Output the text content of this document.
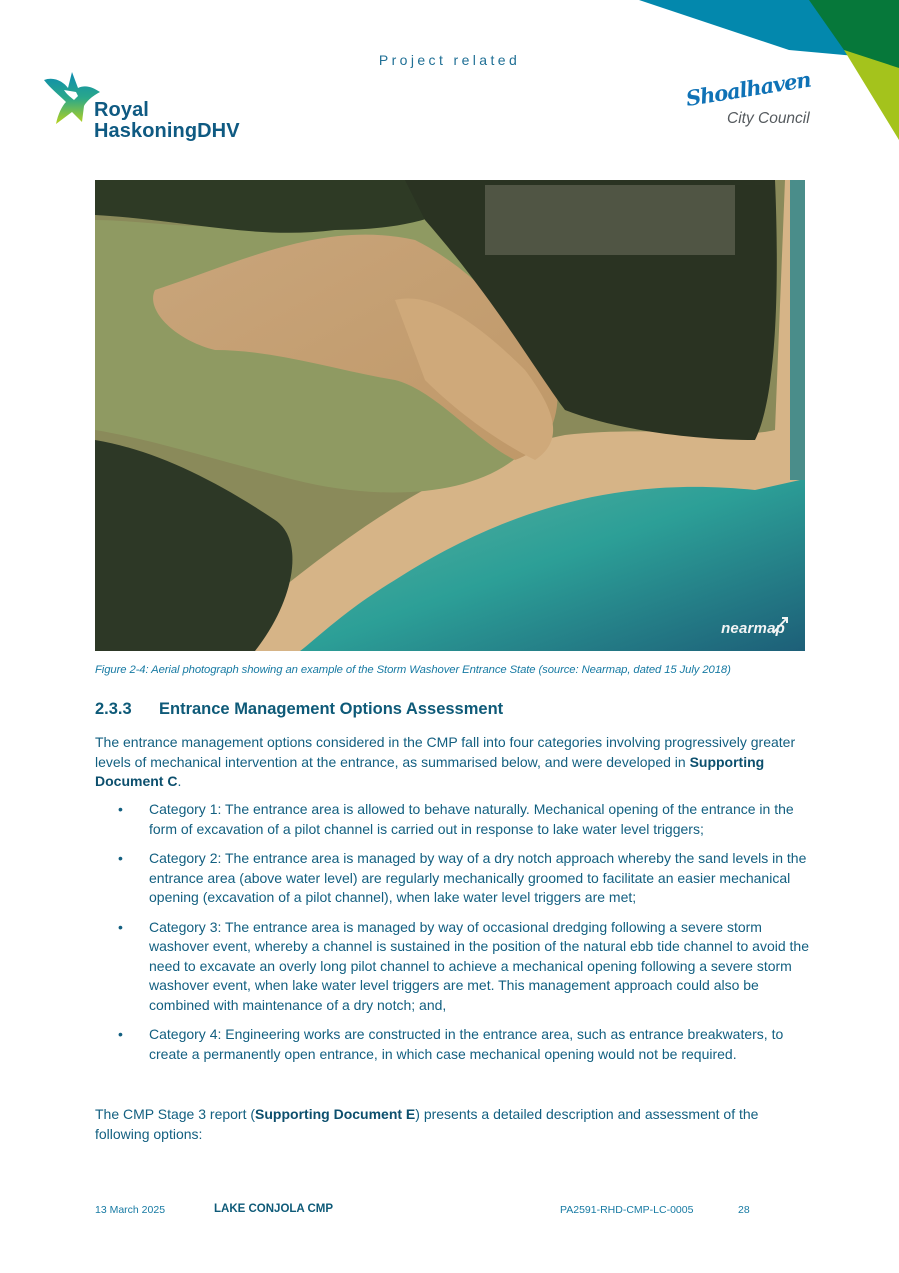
Project related
Royal
HaskoningDHV
Shoalhaven
City Council
nearmap
Figure 2-4: Aerial photograph showing an example of the Storm Washover Entrance State (source: Nearmap, dated 15 July 2018)
2.3.3 Entrance Management Options Assessment
The entrance management options considered in the CMP fall into four categories involving progressively greater levels of mechanical intervention at the entrance, as summarised below, and were developed in Supporting Document C.
• Category 1: The entrance area is allowed to behave naturally. Mechanical opening of the entrance in the form of excavation of a pilot channel is carried out in response to lake water level triggers;
• Category 2: The entrance area is managed by way of a dry notch approach whereby the sand levels in the entrance area (above water level) are regularly mechanically groomed to facilitate an easier mechanical opening (excavation of a pilot channel), when lake water level triggers are met;
• Category 3: The entrance area is managed by way of occasional dredging following a severe storm washover event, whereby a channel is sustained in the position of the natural ebb tide channel to avoid the need to excavate an overly long pilot channel to achieve a mechanical opening following a severe storm washover event, when lake water level triggers are met. This management approach could also be combined with maintenance of a dry notch; and,
• Category 4: Engineering works are constructed in the entrance area, such as entrance breakwaters, to create a permanently open entrance, in which case mechanical opening would not be required.
The CMP Stage 3 report (Supporting Document E) presents a detailed description and assessment of the following options:
13 March 2025	LAKE CONJOLA CMP	PA2591-RHD-CMP-LC-0005	28
